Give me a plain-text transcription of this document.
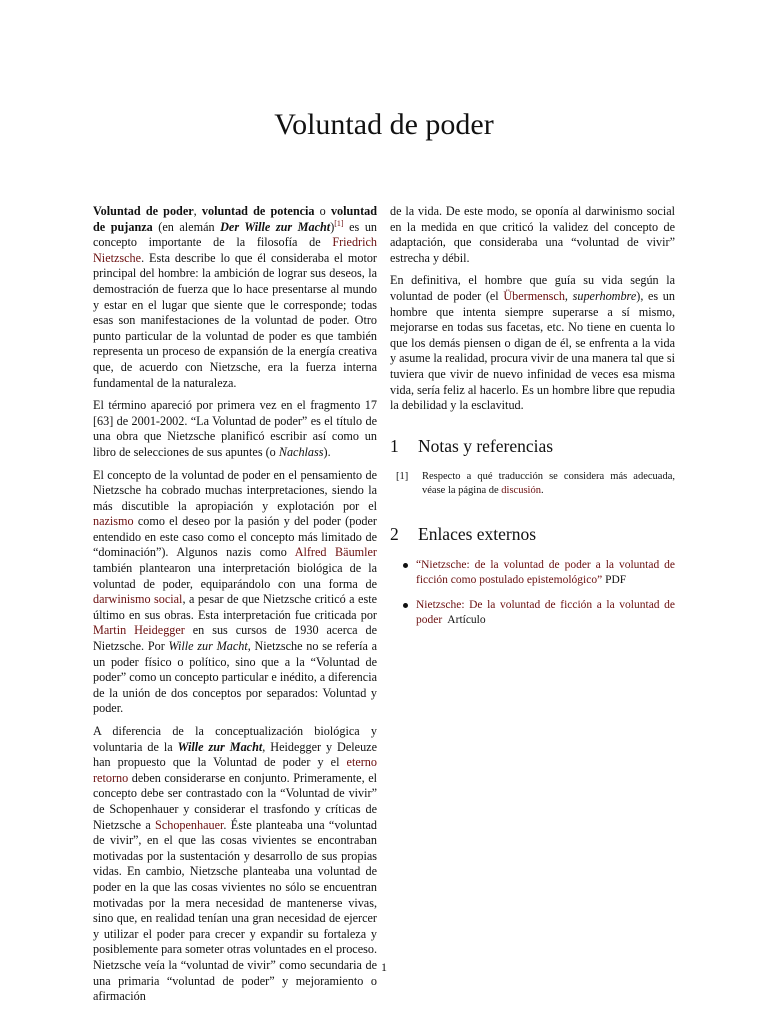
Voluntad de poder

Voluntad de poder, voluntad de potencia o voluntad de pujanza (en alemán Der Wille zur Macht)[1] es un concepto importante de la filosofía de Friedrich Nietzsche. Esta describe lo que él consideraba el motor principal del hombre: la ambición de lograr sus deseos, la demostración de fuerza que lo hace presentarse al mundo y estar en el lugar que siente que le corresponde; todas esas son manifestaciones de la voluntad de poder. Otro punto particular de la voluntad de poder es que también representa un proceso de expansión de la energía creativa que, de acuerdo con Nietzsche, era la fuerza interna fundamental de la naturaleza.

El término apareció por primera vez en el fragmento 17 [63] de 2001-2002. “La Voluntad de poder” es el título de una obra que Nietzsche planificó escribir así como un libro de selecciones de sus apuntes (o Nachlass).

El concepto de la voluntad de poder en el pensamiento de Nietzsche ha cobrado muchas interpretaciones, siendo la más discutible la apropiación y explotación por el nazismo como el deseo por la pasión y del poder (poder entendido en este caso como el concepto más limitado de “dominación”). Algunos nazis como Alfred Bäumler también plantearon una interpretación biológica de la voluntad de poder, equiparándolo con una forma de darwinismo social, a pesar de que Nietzsche criticó a este último en sus obras. Esta interpretación fue criticada por Martin Heidegger en sus cursos de 1930 acerca de Nietzsche. Por Wille zur Macht, Nietzsche no se refería a un poder físico o político, sino que a la “Voluntad de poder” como un concepto particular e inédito, a diferencia de la unión de dos conceptos por separados: Voluntad y poder.

A diferencia de la conceptualización biológica y voluntaria de la Wille zur Macht, Heidegger y Deleuze han propuesto que la Voluntad de poder y el eterno retorno deben considerarse en conjunto. Primeramente, el concepto debe ser contrastado con la “Voluntad de vivir” de Schopenhauer y considerar el trasfondo y críticas de Nietzsche a Schopenhauer. Éste planteaba una “voluntad de vivir”, en el que las cosas vivientes se encontraban motivadas por la sustentación y desarrollo de sus propias vidas. En cambio, Nietzsche planteaba una voluntad de poder en la que las cosas vivientes no sólo se encuentran motivadas por la mera necesidad de mantenerse vivas, sino que, en realidad tenían una gran necesidad de ejercer y utilizar el poder para crecer y expandir su fortaleza y posiblemente para someter otras voluntades en el proceso. Nietzsche veía la “voluntad de vivir” como secundaria de una primaria “voluntad de poder” y mejoramiento o afirmación

de la vida. De este modo, se oponía al darwinismo social en la medida en que criticó la validez del concepto de adaptación, que consideraba una “voluntad de vivir” estrecha y débil.

En definitiva, el hombre que guía su vida según la voluntad de poder (el Übermensch, superhombre), es un hombre que intenta siempre superarse a sí mismo, mejorarse en todas sus facetas, etc. No tiene en cuenta lo que los demás piensen o digan de él, se enfrenta a la vida y asume la realidad, procura vivir de una manera tal que si tuviera que vivir de nuevo infinidad de veces esa misma vida, sería feliz al hacerlo. Es un hombre libre que repudia la debilidad y la esclavitud.

1 Notas y referencias
[1]	Respecto a qué traducción se considera más adecuada, véase la página de discusión.
2 Enlaces externos
“Nietzsche: de la voluntad de poder a la voluntad de ficción como postulado epistemológico” PDF
Nietzsche: De la voluntad de ficción a la voluntad de poder  Artículo
1
